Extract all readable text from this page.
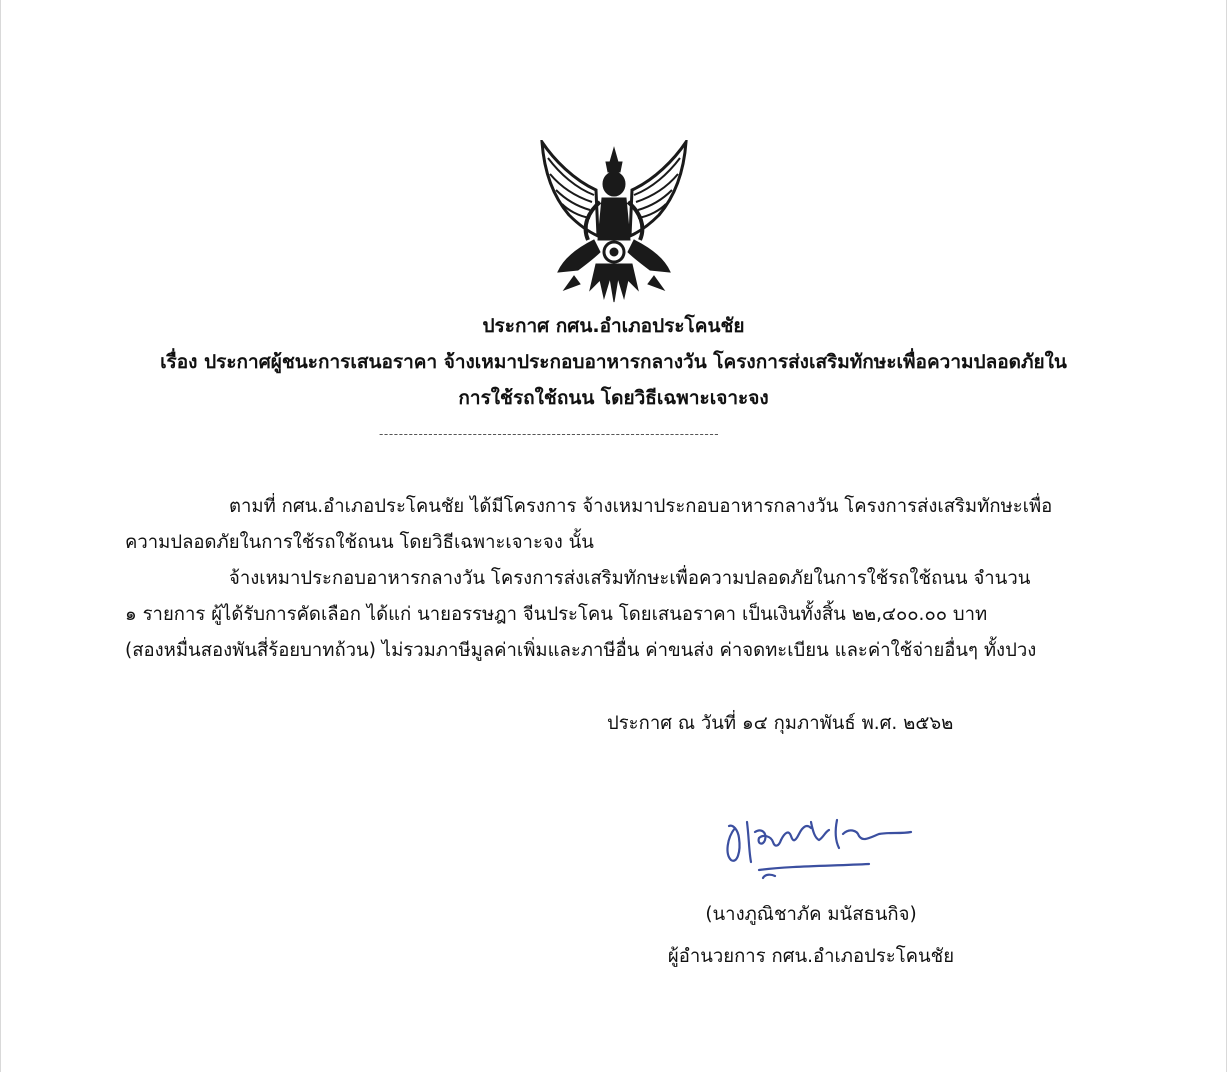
ประกาศ กศน.อำเภอประโคนชัย
เรื่อง ประกาศผู้ชนะการเสนอราคา จ้างเหมาประกอบอาหารกลางวัน โครงการส่งเสริมทักษะเพื่อความปลอดภัยใน
การใช้รถใช้ถนน โดยวิธีเฉพาะเจาะจง
---------------------------------------------------------------------
ตามที่ กศน.อำเภอประโคนชัย ได้มีโครงการ จ้างเหมาประกอบอาหารกลางวัน โครงการส่งเสริมทักษะเพื่อ
ความปลอดภัยในการใช้รถใช้ถนน โดยวิธีเฉพาะเจาะจง นั้น
จ้างเหมาประกอบอาหารกลางวัน โครงการส่งเสริมทักษะเพื่อความปลอดภัยในการใช้รถใช้ถนน จำนวน
๑ รายการ ผู้ได้รับการคัดเลือก ได้แก่ นายอรรษฎา จีนประโคน โดยเสนอราคา เป็นเงินทั้งสิ้น ๒๒,๔๐๐.๐๐ บาท
(สองหมื่นสองพันสี่ร้อยบาทถ้วน) ไม่รวมภาษีมูลค่าเพิ่มและภาษีอื่น ค่าขนส่ง ค่าจดทะเบียน และค่าใช้จ่ายอื่นๆ ทั้งปวง
ประกาศ ณ วันที่ ๑๔ กุมภาพันธ์ พ.ศ. ๒๕๖๒
(นางภูณิชาภัค มนัสธนกิจ)
ผู้อำนวยการ กศน.อำเภอประโคนชัย
